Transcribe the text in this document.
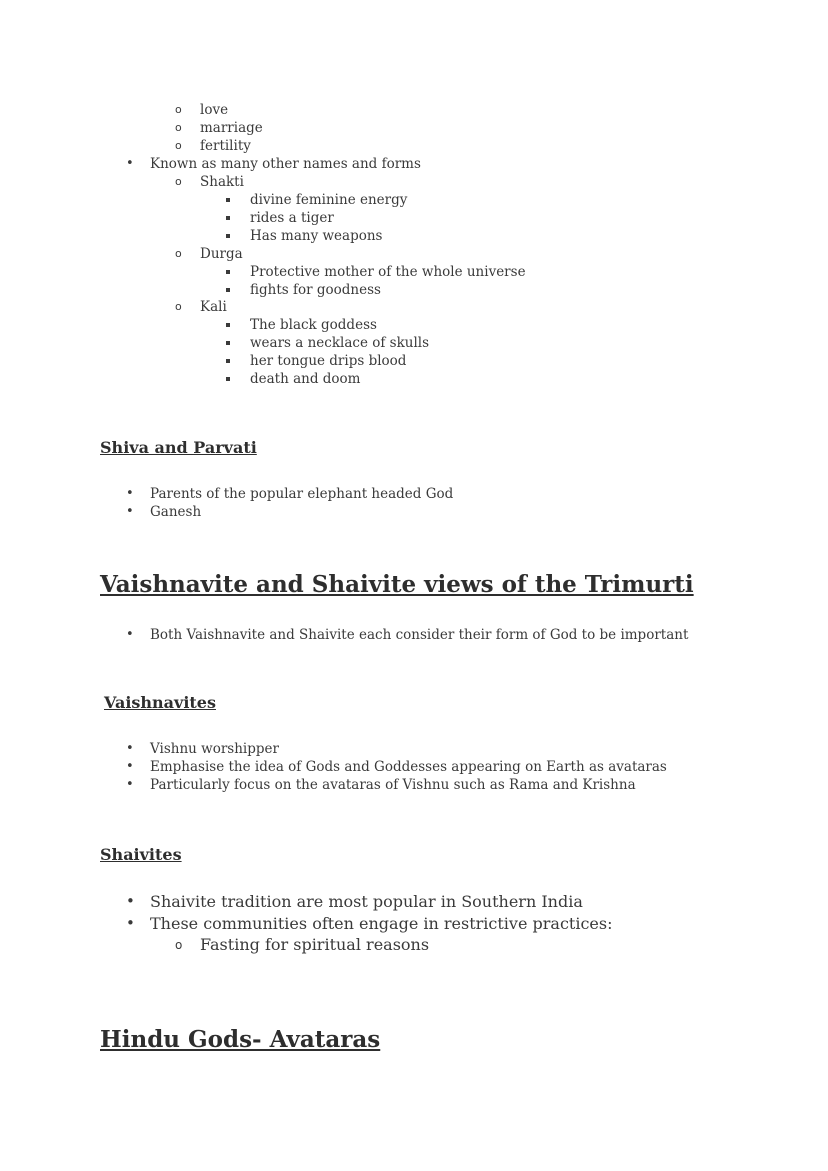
o love
o marriage
o fertility
• Known as many other names and forms
o Shakti
divine feminine energy
rides a tiger
Has many weapons
o Durga
Protective mother of the whole universe
fights for goodness
o Kali
The black goddess
wears a necklace of skulls
her tongue drips blood
death and doom
Shiva and Parvati
• Parents of the popular elephant headed God
• Ganesh
Vaishnavite and Shaivite views of the Trimurti
• Both Vaishnavite and Shaivite each consider their form of God to be important
Vaishnavites
• Vishnu worshipper
• Emphasise the idea of Gods and Goddesses appearing on Earth as avataras
• Particularly focus on the avataras of Vishnu such as Rama and Krishna
Shaivites
• Shaivite tradition are most popular in Southern India
• These communities often engage in restrictive practices:
o Fasting for spiritual reasons
Hindu Gods- Avataras
